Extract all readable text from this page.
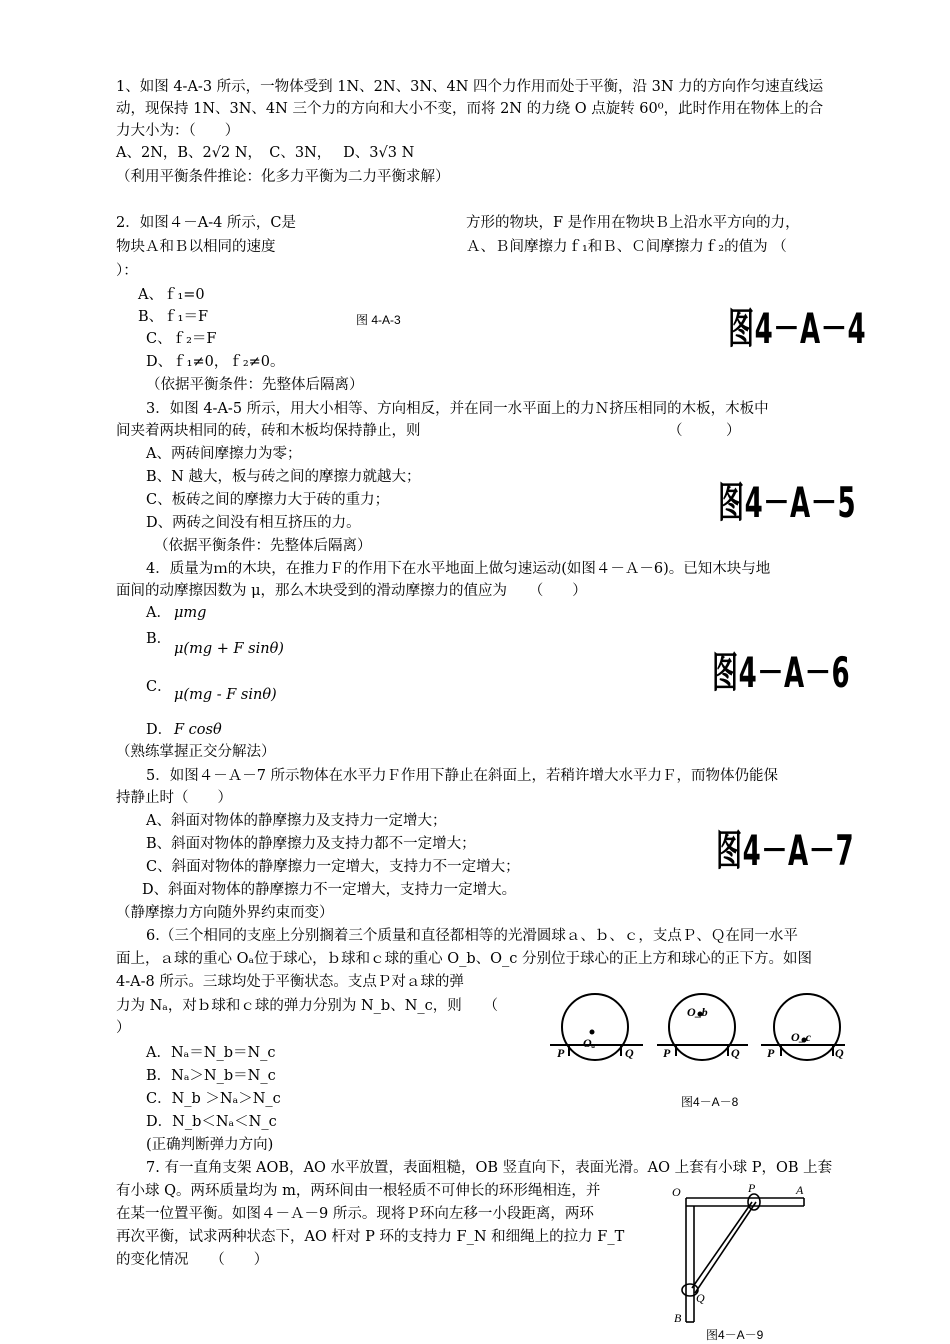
1、如图 4-A-3 所示，一物体受到 1N、2N、3N、4N 四个力作用而处于平衡，沿 3N 力的方向作匀速直线运
动，现保持 1N、3N、4N 三个力的方向和大小不变，而将 2N 的力绕 O 点旋转 60⁰，此时作用在物体上的合
力大小为：（　　）
A、2N，B、2√2 N，　C、3N，　 D、3√3 N
（利用平衡条件推论：化多力平衡为二力平衡求解）
2．如图４－A-4 所示，C是	方形的物块，F 是作用在物块Ｂ上沿水平方向的力，
物块Ａ和Ｂ以相同的速度	Ａ、Ｂ间摩擦力ｆ₁和Ｂ、Ｃ间摩擦力ｆ₂的值为 （
）：
A、ｆ₁=0
B、ｆ₁＝F	图 4-A-3
C、ｆ₂＝F
D、ｆ₁≠0，ｆ₂≠0。
（依据平衡条件：先整体后隔离）
图4－A－4
3．如图 4-A-5 所示，用大小相等、方向相反，并在同一水平面上的力Ｎ挤压相同的木板，木板中
间夹着两块相同的砖，砖和木板均保持静止，则	（　　　）
A、两砖间摩擦力为零；
B、N 越大，板与砖之间的摩擦力就越大；
C、板砖之间的摩擦力大于砖的重力；
D、两砖之间没有相互挤压的力。
（依据平衡条件：先整体后隔离）
图4－A－5
4．质量为ｍ的木块，在推力Ｆ的作用下在水平地面上做匀速运动(如图４－Ａ－6)。已知木块与地
面间的动摩擦因数为 μ，那么木块受到的滑动摩擦力的值应为　　（　　）
A． μmg
B．
μ(mg + F sinθ)
C． μ(mg - F sinθ)
D． F cosθ
（熟练掌握正交分解法）
图4－A－6
5．如图４－Ａ－7 所示物体在水平力Ｆ作用下静止在斜面上，若稍许增大水平力Ｆ，而物体仍能保
持静止时（　　）
A、斜面对物体的静摩擦力及支持力一定增大；
B、斜面对物体的静摩擦力及支持力都不一定增大；
C、斜面对物体的静摩擦力一定增大，支持力不一定增大；
D、斜面对物体的静摩擦力不一定增大，支持力一定增大。
（静摩擦力方向随外界约束而变）
图4－A－7
6.（三个相同的支座上分别搁着三个质量和直径都相等的光滑圆球ａ、ｂ、ｃ，支点Ｐ、Ｑ在同一水平
面上，ａ球的重心 Oₐ位于球心，ｂ球和ｃ球的重心 O_b、O_c 分别位于球心的正上方和球心的正下方。如图
4-A-8 所示。三球均处于平衡状态。支点Ｐ对ａ球的弹
力为 Nₐ，对ｂ球和ｃ球的弹力分别为 N_b、N_c，则　　（
）
A．Nₐ＝N_b＝N_c
B．Nₐ＞N_b＝N_c
C．N_b ＞Nₐ＞N_c
D．N_b＜Nₐ＜N_c
(正确判断弹力方向)
Oₐ
O_b
O_c
P	Q P	Q P	Q
图4－A－8
7. 有一直角支架 AOB，AO 水平放置，表面粗糙，OB 竖直向下，表面光滑。AO 上套有小球 P，OB 上套
有小球 Q。两环质量均为 m，两环间由一根轻质不可伸长的环形绳相连，并
在某一位置平衡。如图４－Ａ－9 所示。现将Ｐ环向左移一小段距离，两环
再次平衡，试求两种状态下，AO 杆对 P 环的支持力 F_N 和细绳上的拉力 F_T
的变化情况　　（　　）
O	P	A
Q
B
图4－A－9
